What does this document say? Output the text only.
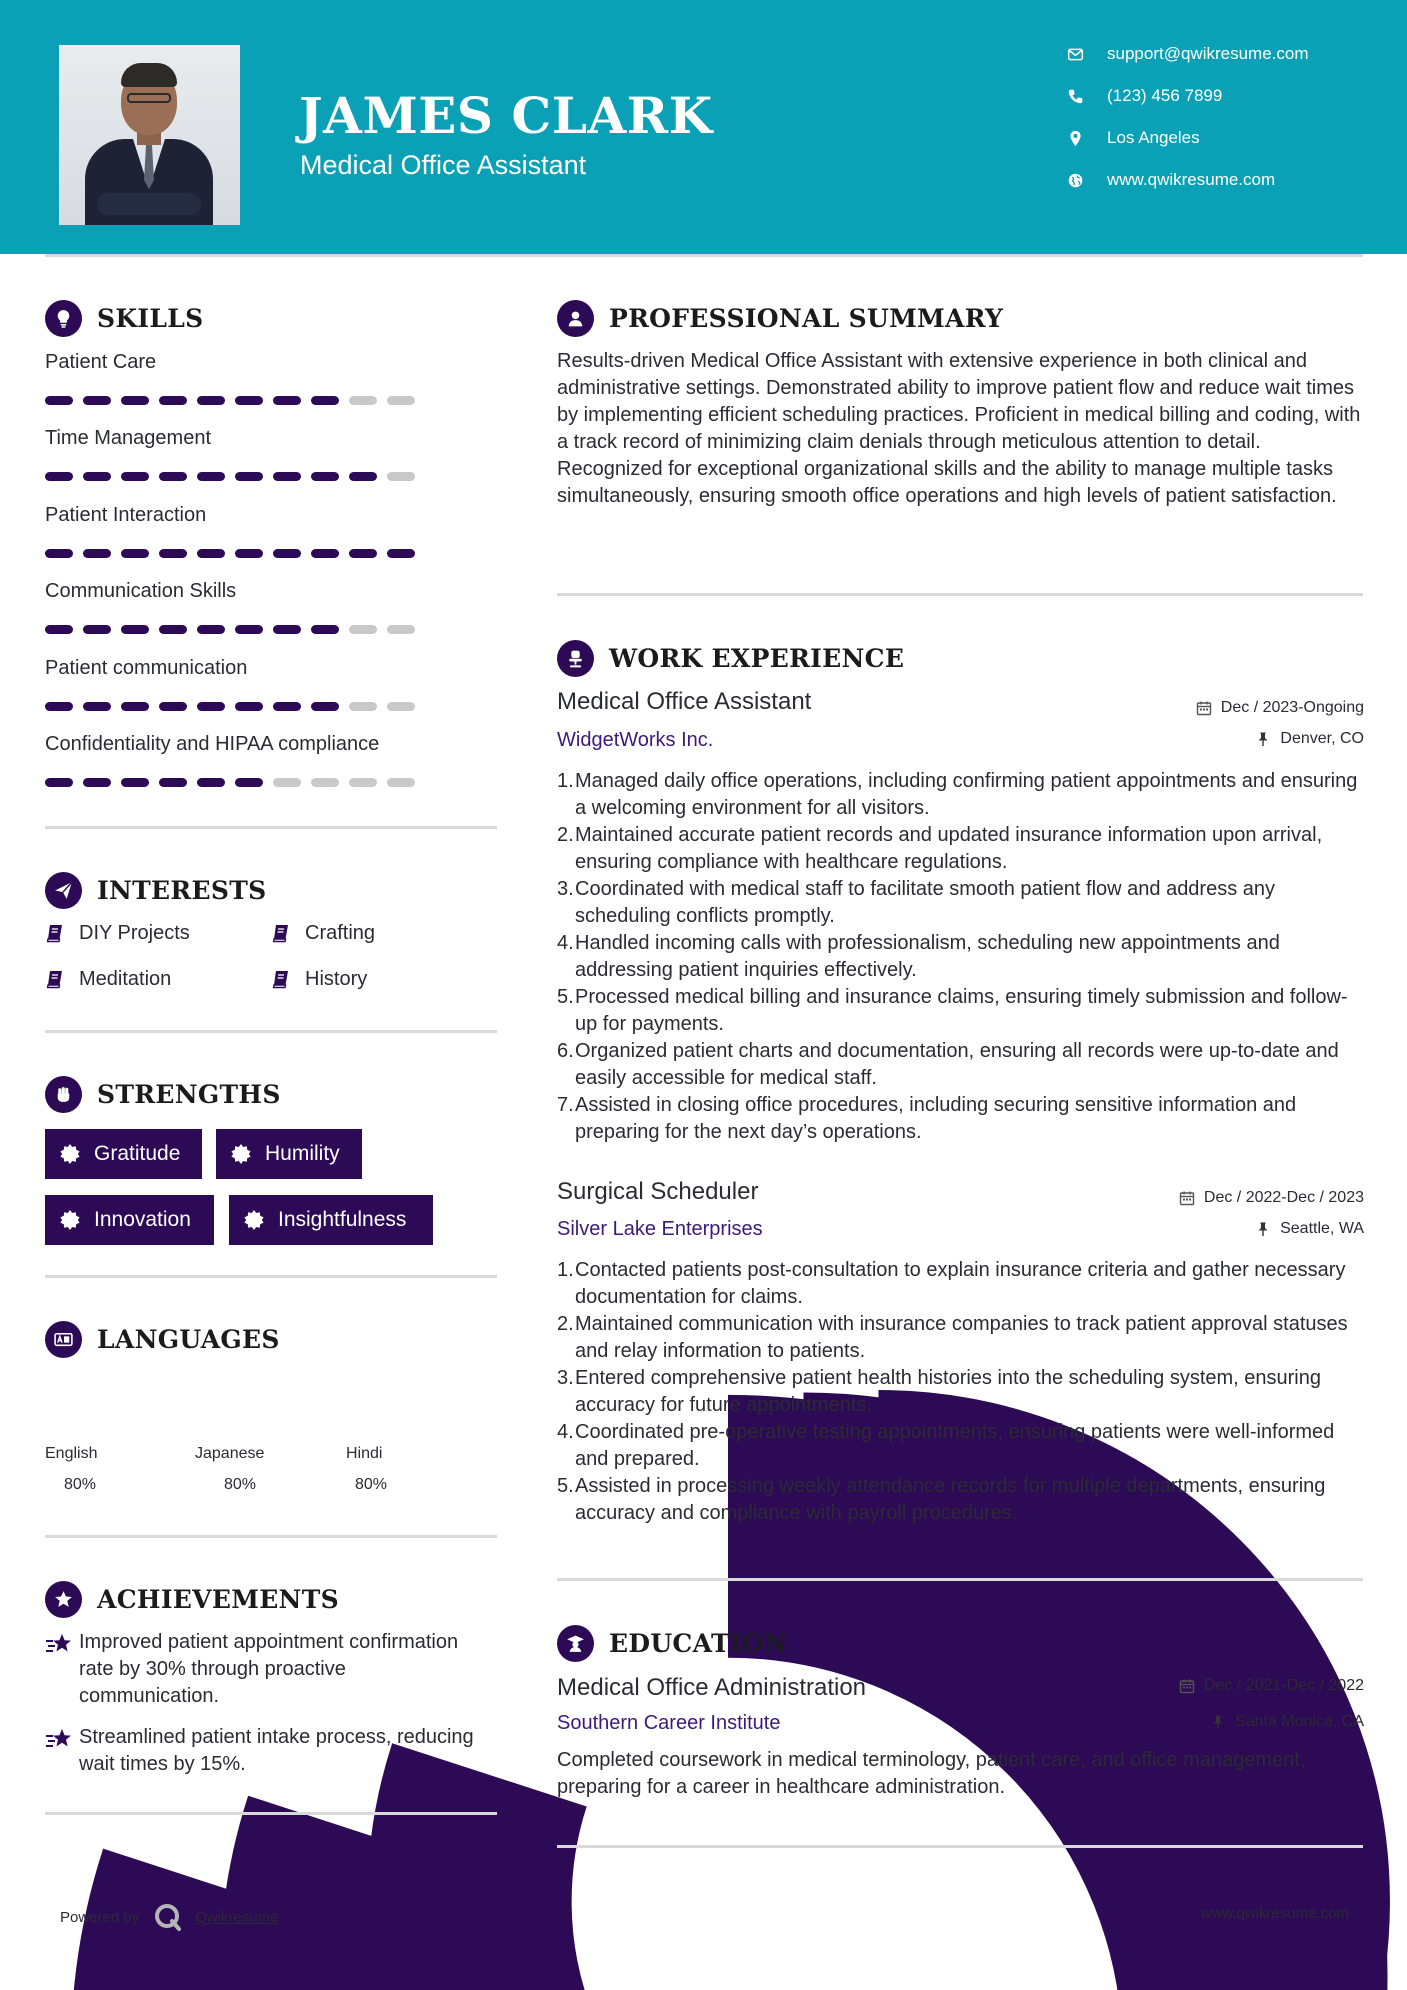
JAMES CLARK
Medical Office Assistant
support@qwikresume.com
(123) 456 7899
Los Angeles
www.qwikresume.com
SKILLS
Patient Care
Time Management
Patient Interaction
Communication Skills
Patient communication
Confidentiality and HIPAA compliance
INTERESTS
DIY Projects	Crafting
Meditation	History
STRENGTHS
Gratitude	Humility
Innovation	Insightfulness
LANGUAGES
English
80%
Japanese
80%
Hindi
80%
ACHIEVEMENTS
Improved patient appointment confirmation rate by 30% through proactive communication.
Streamlined patient intake process, reducing wait times by 15%.
PROFESSIONAL SUMMARY
Results-driven Medical Office Assistant with extensive experience in both clinical and administrative settings. Demonstrated ability to improve patient flow and reduce wait times by implementing efficient scheduling practices. Proficient in medical billing and coding, with a track record of minimizing claim denials through meticulous attention to detail. Recognized for exceptional organizational skills and the ability to manage multiple tasks simultaneously, ensuring smooth office operations and high levels of patient satisfaction.
WORK EXPERIENCE
Medical Office Assistant	Dec / 2023-Ongoing
WidgetWorks Inc.	Denver, CO
1. Managed daily office operations, including confirming patient appointments and ensuring a welcoming environment for all visitors.
2. Maintained accurate patient records and updated insurance information upon arrival, ensuring compliance with healthcare regulations.
3. Coordinated with medical staff to facilitate smooth patient flow and address any scheduling conflicts promptly.
4. Handled incoming calls with professionalism, scheduling new appointments and addressing patient inquiries effectively.
5. Processed medical billing and insurance claims, ensuring timely submission and follow-up for payments.
6. Organized patient charts and documentation, ensuring all records were up-to-date and easily accessible for medical staff.
7. Assisted in closing office procedures, including securing sensitive information and preparing for the next day’s operations.
Surgical Scheduler	Dec / 2022-Dec / 2023
Silver Lake Enterprises	Seattle, WA
1. Contacted patients post-consultation to explain insurance criteria and gather necessary documentation for claims.
2. Maintained communication with insurance companies to track patient approval statuses and relay information to patients.
3. Entered comprehensive patient health histories into the scheduling system, ensuring accuracy for future appointments.
4. Coordinated pre-operative testing appointments, ensuring patients were well-informed and prepared.
5. Assisted in processing weekly attendance records for multiple departments, ensuring accuracy and compliance with payroll procedures.
EDUCATION
Medical Office Administration	Dec / 2021-Dec / 2022
Southern Career Institute	Santa Monica, CA
Completed coursework in medical terminology, patient care, and office management, preparing for a career in healthcare administration.
Powered by	Qwikresume	www.qwikresume.com
